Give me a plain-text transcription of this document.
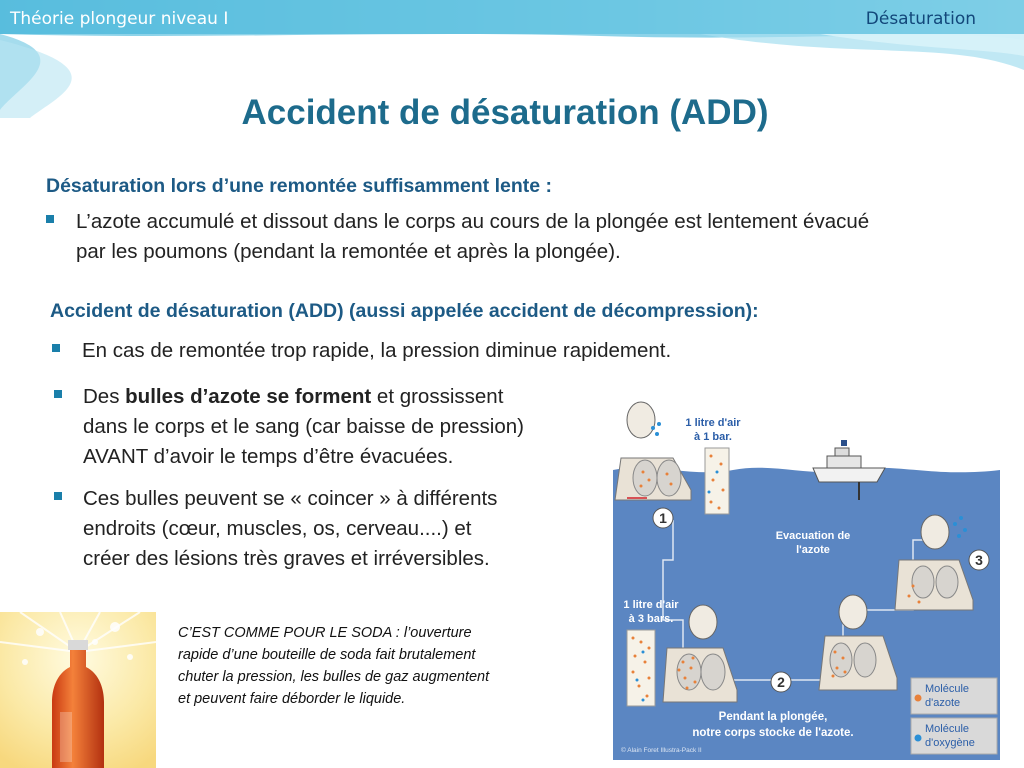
Théorie plongeur niveau I	Désaturation
Accident de désaturation (ADD)
Désaturation lors d’une remontée suffisamment lente :
L’azote accumulé et dissout dans le corps au cours de la plongée est lentement évacué
par les poumons (pendant la remontée et après la plongée).
Accident de désaturation (ADD) (aussi appelée accident de décompression):
En cas de remontée trop rapide, la pression diminue rapidement.
Des bulles d’azote se forment et grossissent
dans le corps et le sang (car baisse de pression)
AVANT d’avoir le temps d’être évacuées.
Ces bulles peuvent se « coincer » à différents
endroits (cœur, muscles, os, cerveau....) et
créer des lésions très graves et irréversibles.
C’EST COMME POUR LE SODA : l’ouverture
rapide d’une bouteille de soda fait brutalement
chuter la pression, les bulles de gaz augmentent
et peuvent faire déborder le liquide.
1 litre d'air
à 1 bar.
1
Evacuation de
l'azote
3
1 litre d'air
à 3 bars.
2
Pendant la plongée,
notre corps stocke de l'azote.
© Alain Foret Illustra-Pack II
Molécule
d'azote
Molécule
d'oxygène
